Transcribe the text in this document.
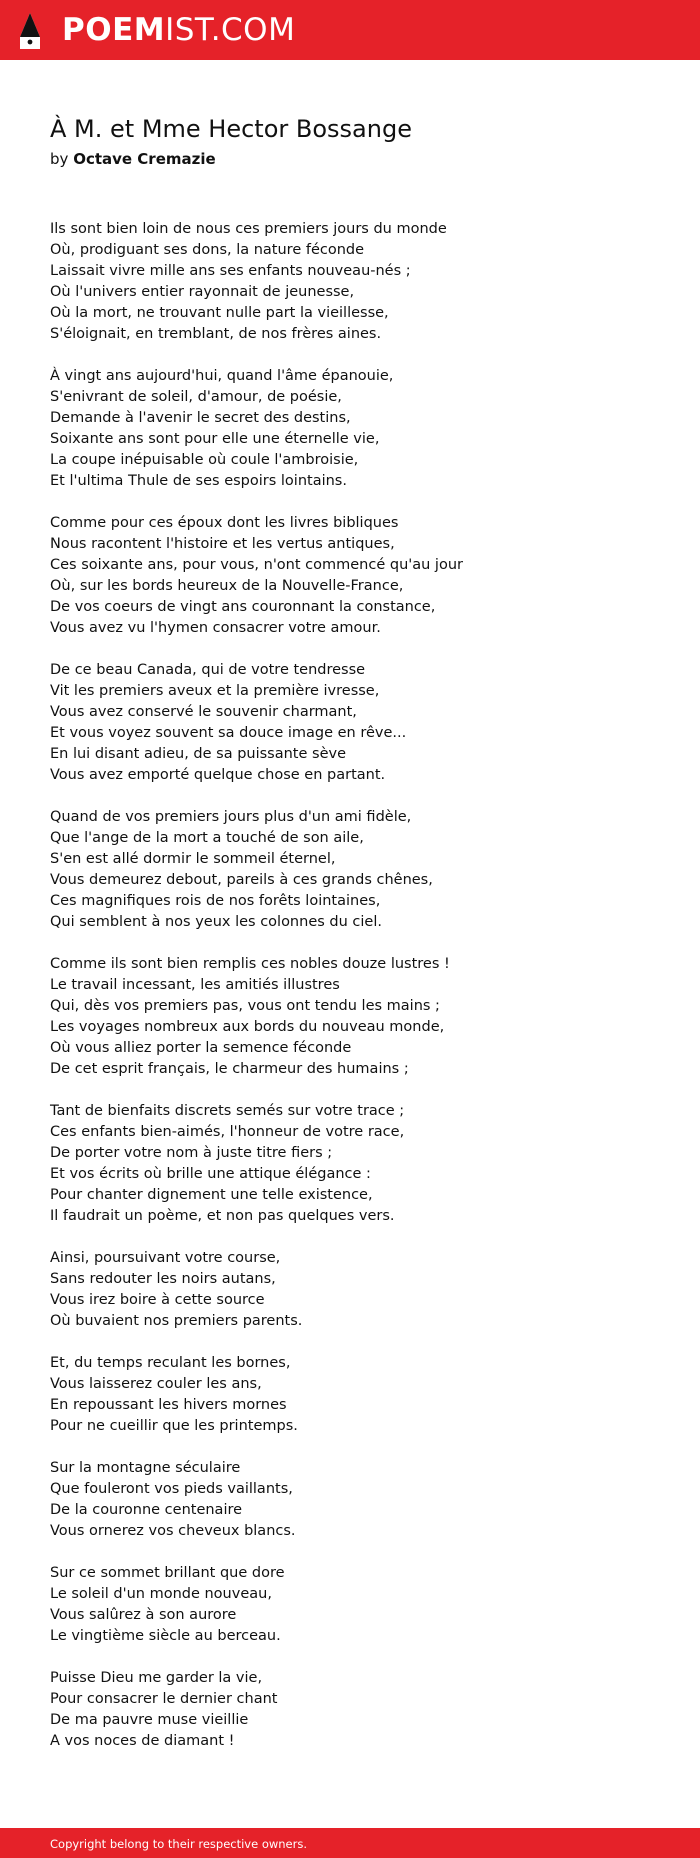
POEMIST.COM
À M. et Mme Hector Bossange
by Octave Cremazie
Ils sont bien loin de nous ces premiers jours du monde
Où, prodiguant ses dons, la nature féconde
Laissait vivre mille ans ses enfants nouveau-nés ;
Où l'univers entier rayonnait de jeunesse,
Où la mort, ne trouvant nulle part la vieillesse,
S'éloignait, en tremblant, de nos frères aines.
À vingt ans aujourd'hui, quand l'âme épanouie,
S'enivrant de soleil, d'amour, de poésie,
Demande à l'avenir le secret des destins,
Soixante ans sont pour elle une éternelle vie,
La coupe inépuisable où coule l'ambroisie,
Et l'ultima Thule de ses espoirs lointains.
Comme pour ces époux dont les livres bibliques
Nous racontent l'histoire et les vertus antiques,
Ces soixante ans, pour vous, n'ont commencé qu'au jour
Où, sur les bords heureux de la Nouvelle-France,
De vos coeurs de vingt ans couronnant la constance,
Vous avez vu l'hymen consacrer votre amour.
De ce beau Canada, qui de votre tendresse
Vit les premiers aveux et la première ivresse,
Vous avez conservé le souvenir charmant,
Et vous voyez souvent sa douce image en rêve...
En lui disant adieu, de sa puissante sève
Vous avez emporté quelque chose en partant.
Quand de vos premiers jours plus d'un ami fidèle,
Que l'ange de la mort a touché de son aile,
S'en est allé dormir le sommeil éternel,
Vous demeurez debout, pareils à ces grands chênes,
Ces magnifiques rois de nos forêts lointaines,
Qui semblent à nos yeux les colonnes du ciel.
Comme ils sont bien remplis ces nobles douze lustres !
Le travail incessant, les amitiés illustres
Qui, dès vos premiers pas, vous ont tendu les mains ;
Les voyages nombreux aux bords du nouveau monde,
Où vous alliez porter la semence féconde
De cet esprit français, le charmeur des humains ;
Tant de bienfaits discrets semés sur votre trace ;
Ces enfants bien-aimés, l'honneur de votre race,
De porter votre nom à juste titre fiers ;
Et vos écrits où brille une attique élégance :
Pour chanter dignement une telle existence,
Il faudrait un poème, et non pas quelques vers.
Ainsi, poursuivant votre course,
Sans redouter les noirs autans,
Vous irez boire à cette source
Où buvaient nos premiers parents.
Et, du temps reculant les bornes,
Vous laisserez couler les ans,
En repoussant les hivers mornes
Pour ne cueillir que les printemps.
Sur la montagne séculaire
Que fouleront vos pieds vaillants,
De la couronne centenaire
Vous ornerez vos cheveux blancs.
Sur ce sommet brillant que dore
Le soleil d'un monde nouveau,
Vous salûrez à son aurore
Le vingtième siècle au berceau.
Puisse Dieu me garder la vie,
Pour consacrer le dernier chant
De ma pauvre muse vieillie
A vos noces de diamant !
Copyright belong to their respective owners.
